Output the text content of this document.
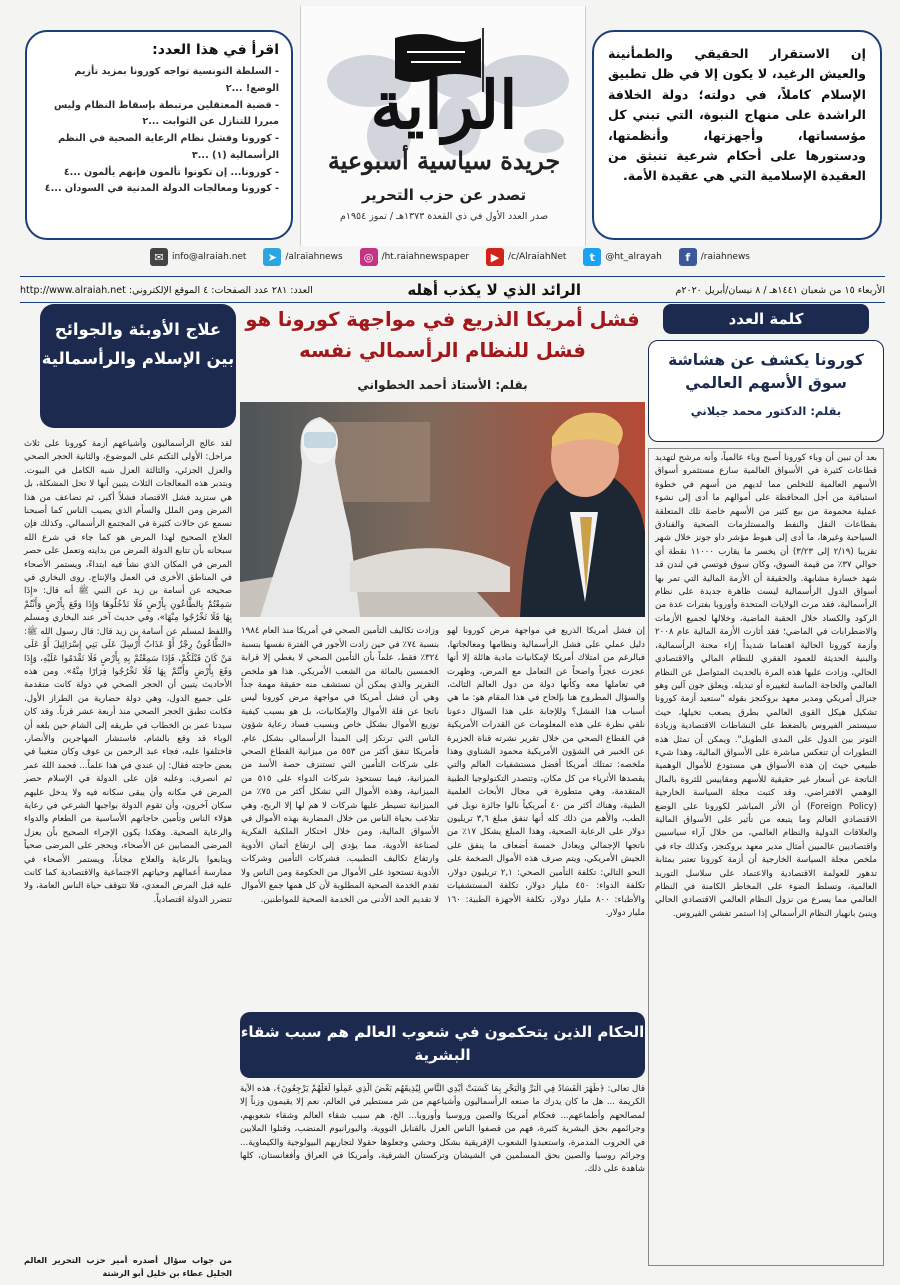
إن الاستقرار الحقيقي والطمأنينة والعيش الرغيد، لا يكون إلا في ظل تطبيق الإسلام كاملاً، في دولته؛ دولة الخلافة الراشدة على منهاج النبوة، التي تبني كل مؤسساتها، وأجهزتها، وأنظمتها، ودستورها على أحكام شرعية تنبثق من العقيدة الإسلامية التي هي عقيدة الأمة.

الراية
جريدة سياسية أسبوعية
تصدر عن حزب التحرير
صدر العدد الأول في ذي القعدة ١٣٧٣هـ / تموز ١٩٥٤م
اقرأ في هذا العدد:
- السلطة التونسية تواجه كورونا بمزيد تأزيم الوضع! ...٢
- قضية المعتقلين مرتبطة بإسقاط النظام وليس مبررا للتنازل عن الثوابت ...٢
- كورونا وفشل نظام الرعاية الصحية في النظم الرأسمالية (١) ...٣
- كورونا... إن تكونوا تألمون فإنهم يألمون ...٤
- كورونا ومعالجات الدولة المدنية في السودان ...٤
f	/raiahnews
t	@ht_alrayah
▶ /c/AlraiahNet
◎ /ht.raiahnewspaper
➤ /alraiahnews
✉ info@alraiah.net
الأربعاء ١٥ من شعبان ١٤٤١هـ / ٨ نيسان/أبريل ٢٠٢٠م
الرائد الذي لا يكذب أهله
العدد: ٢٨١ عدد الصفحات: ٤ الموقع الإلكتروني: http://www.alraiah.net
كلمة العدد
كورونا يكشف عن هشاشة سوق الأسهم العالمي
بقلم: الدكتور محمد جيلاني
بعد أن تبين أن وباء كورونا أصبح وباء عالمياً، وأنه مرشح لتهديد قطاعات كثيرة في الأسواق العالمية سارع مستثمرو أسواق الأسهم العالمية للتخلص مما لديهم من أسهم في خطوة استباقية من أجل المحافظة على أموالهم ما أدى إلى نشوء عملية محمومة من بيع كثير من الأسهم خاصة تلك المتعلقة بقطاعات النقل والنفط والمستلزمات الصحية والفنادق السياحية وغيرها، ما أدى إلى هبوط مؤشر داو جونز خلال شهر تقريبا (٢/١٩ إلى ٣/٢٣) أن يخسر ما يقارب ١١٠٠٠ نقطة أي حوالي ٣٧٪ من قيمة السوق، وكان سوق فوتسي في لندن قد شهد خسارة مشابهة. والحقيقة أن الأزمة المالية التي تمر بها أسواق الدول الرأسمالية ليست ظاهرة جديدة على نظام الرأسمالية، فقد مرت الولايات المتحدة وأوروبا بفترات عدة من الركود والكساد خلال الحقبة الماضية، وخلالها لجميع الأزمات والاضطرابات في الماضي؛ فقد أثارت الأزمة المالية عام ٢٠٠٨ وأزمة كورونا الحالية اهتماما شديداً إزاء محنة الرأسمالية، والبنية الحديثة للعمود الفقري للنظام المالي والاقتصادي الحالي، وزادت عليها هذه المرة بالحديث المتواصل عن النظام العالمي والحاجة الماسة لتغييره أو تبديله. ويعلق جون آلين وهو جنرال أمريكي ومدير معهد بروكنجز بقوله "ستعيد أزمة كورونا تشكيل هيكل القوى العالمي بطرق يصعب تخيلها، حيث سيستمر الفيروس بالضغط على النشاطات الاقتصادية وزيادة التوتر بين الدول على المدى الطويل". ويمكن أن تمثل هذه التطورات أن تنعكس مباشرة على الأسواق المالية، وهذا شيء طبيعي حيث إن هذه الأسواق هي مستودع للأموال الوهمية الناتجة عن أسعار غير حقيقية للأسهم ومقاييس للثروة بالمال الوهمي الافتراضي. وقد كتبت مجلة السياسة الخارجية (Foreign Policy) أن الأثر المباشر لكورونا على الوضع الاقتصادي العالم وما يتبعه من تأثير على الأسواق المالية والعلاقات الدولية والنظام العالمي، من خلال آراء سياسيين واقتصاديين عالميين أمثال مدير معهد بروكنجز، وكذلك جاء في ملخص مجلة السياسة الخارجية أن أزمة كورونا تعتبر بمثابة تدهور للعولمة الاقتصادية والاعتماد على سلاسل التوريد العالمية، وتسلط الضوء على المخاطر الكامنة في النظام العالمي مما يسرع من نزول النظام العالمي الاقتصادي الحالي وينبئ بانهيار النظام الرأسمالي إذا استمر تفشي الفيروس.
فشل أمريكا الذريع في مواجهة كورونا هو فشل للنظام الرأسمالي نفسه
بقلم: الأستاذ أحمد الخطواني
إن فشل أمريكا الذريع في مواجهة مرض كورونا لهو دليل عملي على فشل الرأسمالية ونظامها ومعالجاتها، فبالرغم من امتلاك أمريكا لإمكانيات مادية هائلة إلا أنها عجزت عجزاً واضحاً عن التعامل مع المرض، وظهرت في تعاملها معه وكأنها دولة من دول العالم الثالث، والسؤال المطروح هنا بإلحاح في هذا المقام هو: ما هي أسباب هذا الفشل؟ وللإجابة على هذا السؤال دعونا نلقي نظرة على هذه المعلومات عن القدرات الأمريكية في القطاع الصحي من خلال تقرير نشرته قناة الجزيرة عن الخبير في الشؤون الأمريكية محمود الشناوي وهذا ملخصه: تمتلك أمريكا أفضل مستشفيات العالم والتي يقصدها الأثرياء من كل مكان، وتتصدر التكنولوجيا الطبية المتقدمة، وهي متطورة في مجال الأبحاث العلمية الطبية، وهناك أكثر من ٤٠ أمريكياً نالوا جائزة نوبل في الطب، والأهم من ذلك كله أنها تنفق مبلغ ٣,٦ تريليون دولار على الرعاية الصحية، وهذا المبلغ يشكل ١٧٪ من ناتجها الإجمالي ويعادل خمسة أضعاف ما ينفق على الجيش الأمريكي، ويتم صرف هذه الأموال الضخمة على النحو التالي: تكلفة التأمين الصحي: ٢,١ تريليون دولار، تكلفة الدواء: ٤٥٠ مليار دولار، تكلفة المستشفيات والأطباء: ٨٠٠ مليار دولار، تكلفة الأجهزة الطبية: ١٦٠ مليار دولار.
وزادت تكاليف التأمين الصحي في أمريكا منذ العام ١٩٨٤ بنسبة ٧٤٪ في حين زادت الأجور في الفترة نفسها بنسبة ٣٢٤٪ فقط، علماً بأن التأمين الصحي لا يغطي إلا قرابة الخمسين بالمائة من الشعب الأمريكي. هذا هو ملخص التقرير والذي يمكن أن نستشف منه حقيقة مهمة جداً وهي أن فشل أمريكا في مواجهة مرض كورونا ليس ناتجا عن قلة الأموال والإمكانيات، بل هو بسبب كيفية توزيع الأموال بشكل خاص وبسبب فساد رعاية شؤون الناس التي ترتكز إلى المبدأ الرأسمالي بشكل عام. فأمريكا تنفق أكثر من ٥٥٣ من ميزانية القطاع الصحي على شركات التأمين التي تستنزف حصة الأسد من الميزانية، فيما تستحوذ شركات الدواء على ٥١٥ من الميزانية، وهذه الأموال التي تشكل أكثر من ٧٥٪ من الميزانية تسيطر عليها شركات لا هم لها إلا الربح، وهي تتلاعب بحياة الناس من خلال المضاربة بهذه الأموال في الأسواق المالية، ومن خلال احتكار الملكية الفكرية لصناعة الأدوية، مما يؤدي إلى ارتفاع أثمان الأدوية وارتفاع تكاليف التطبيب. فشركات التأمين وشركات الأدوية تستحوذ على الأموال من الحكومة ومن الناس ولا تقدم الخدمة الصحية المطلوبة لأن كل همها جمع الأموال لا تقديم الحد الأدنى من الخدمة الصحية للمواطنين.
الحكام الذين يتحكمون في شعوب العالم هم سبب شقاء البشرية
قال تعالى: ﴿ظَهَرَ الْفَسَادُ فِي الْبَرِّ وَالْبَحْرِ بِمَا كَسَبَتْ أَيْدِي النَّاسِ لِيُذِيقَهُم بَعْضَ الَّذِي عَمِلُوا لَعَلَّهُمْ يَرْجِعُونَ﴾، هذه الآية الكريمة ... هل ما كان يدرك ما صنعه الرأسماليون وأشياعهم من شر مستطير في العالم، نعم إلا يقيمون وزناً إلا لمصالحهم وأطماعهم... فحكام أمريكا والصين وروسيا وأوروبا... الخ، هم سبب شقاء العالم وشقاء شعوبهم، وجرائمهم بحق البشرية كثيرة، فهم من قصفوا الناس العزل بالقنابل النووية، واليورانيوم المنضب، وقتلوا الملايين في الحروب المدمرة، واستعبدوا الشعوب الإفريقية بشكل وحشي وجعلوها حقولا لتجاربهم البيولوجية والكيماوية... وجرائم روسيا والصين بحق المسلمين في الشيشان وتركستان الشرقية، وأمريكا في العراق وأفغانستان، كلها شاهدة على ذلك.
علاج الأوبئة والجوائح بين الإسلام والرأسمالية
لقد عالج الرأسماليون وأشياعهم أزمة كورونا على ثلاث مراحل: الأولى التكتم على الموضوع، والثانية الحجر الصحي والعزل الجزئي، والثالثة العزل شبه الكامل في البيوت. وبتدبر هذه المعالجات الثلاث يتبين أنها لا تحل المشكلة، بل هي ستزيد فشل الاقتصاد فشلاً أكبر، ثم تضاعف من هذا المرض ومن الملل والسأم الذي يصيب الناس كما أصبحنا نسمع عن حالات كثيرة في المجتمع الرأسمالي. وكذلك فإن العلاج الصحيح لهذا المرض هو كما جاء في شرع الله سبحانه بأن تتابع الدولة المرض من بدايته وتعمل على حصر المرض في المكان الذي نشأ فيه ابتداءً، ويستمر الأصحاء في المناطق الأخرى في العمل والإنتاج. روى البخاري في صحيحه عن أسامة بن زيد عن النبي ﷺ أنه قال: «إِذَا سَمِعْتُمْ بِالطَّاعُونِ بِأَرْضٍ فَلَا تَدْخُلُوهَا وَإِذَا وَقَعَ بِأَرْضٍ وَأَنْتُمْ بِهَا فَلَا تَخْرُجُوا مِنْهَا»، وفي حديث آخر عند البخاري ومسلم واللفظ لمسلم عن أسامة بن زيد قال: قال رسول الله ﷺ: «الطَّاعُونُ رِجْزٌ أَوْ عَذَابٌ أُرْسِلَ عَلَى بَنِي إِسْرَائِيلَ أَوْ عَلَى مَنْ كَانَ قَبْلَكُمْ، فَإِذَا سَمِعْتُمْ بِهِ بِأَرْضٍ فَلَا تَقْدَمُوا عَلَيْهِ، وَإِذَا وَقَعَ بِأَرْضٍ وَأَنْتُمْ بِهَا فَلَا تَخْرُجُوا فِرَارًا مِنْهُ». ومن هذه الأحاديث يتبين أن الحجر الصحي في دولة كانت متقدمة على جميع الدول، وهي دولة حضارية من الطراز الأول، فكانت تطبق الحجر الصحي منذ أربعة عشر قرناً. وقد كان سيدنا عمر بن الخطاب في طريقه إلى الشام حين بلغه أن الوباء قد وقع بالشام، فاستشار المهاجرين والأنصار، فاختلفوا عليه، فجاء عبد الرحمن بن عوف وكان متغيبا في بعض حاجته فقال: إن عندي في هذا علماً... فحمد الله عمر ثم انصرف. وعليه فإن على الدولة في الإسلام حصر المرض في مكانه وأن يبقى سكانه فيه ولا يدخل عليهم سكان آخرون، وأن تقوم الدولة بواجبها الشرعي في رعاية هؤلاء الناس وتأمين حاجاتهم الأساسية من الطعام والدواء والرعاية الصحية. وهكذا يكون الإجراء الصحيح بأن يعزل المرضى المصابين عن الأصحاء، ويحجر على المرضى صحياً ويتابعوا بالرعاية والعلاج مجاناً، ويستمر الأصحاء في ممارسة أعمالهم وحياتهم الاجتماعية والاقتصادية كما كانت عليه قبل المرض المعدي، فلا تتوقف حياة الناس العامة، ولا تتضرر الدولة اقتصادياً.
من جواب سؤال أصدره أمير حزب التحرير العالم الجليل عطاء بن خليل أبو الرشتة
